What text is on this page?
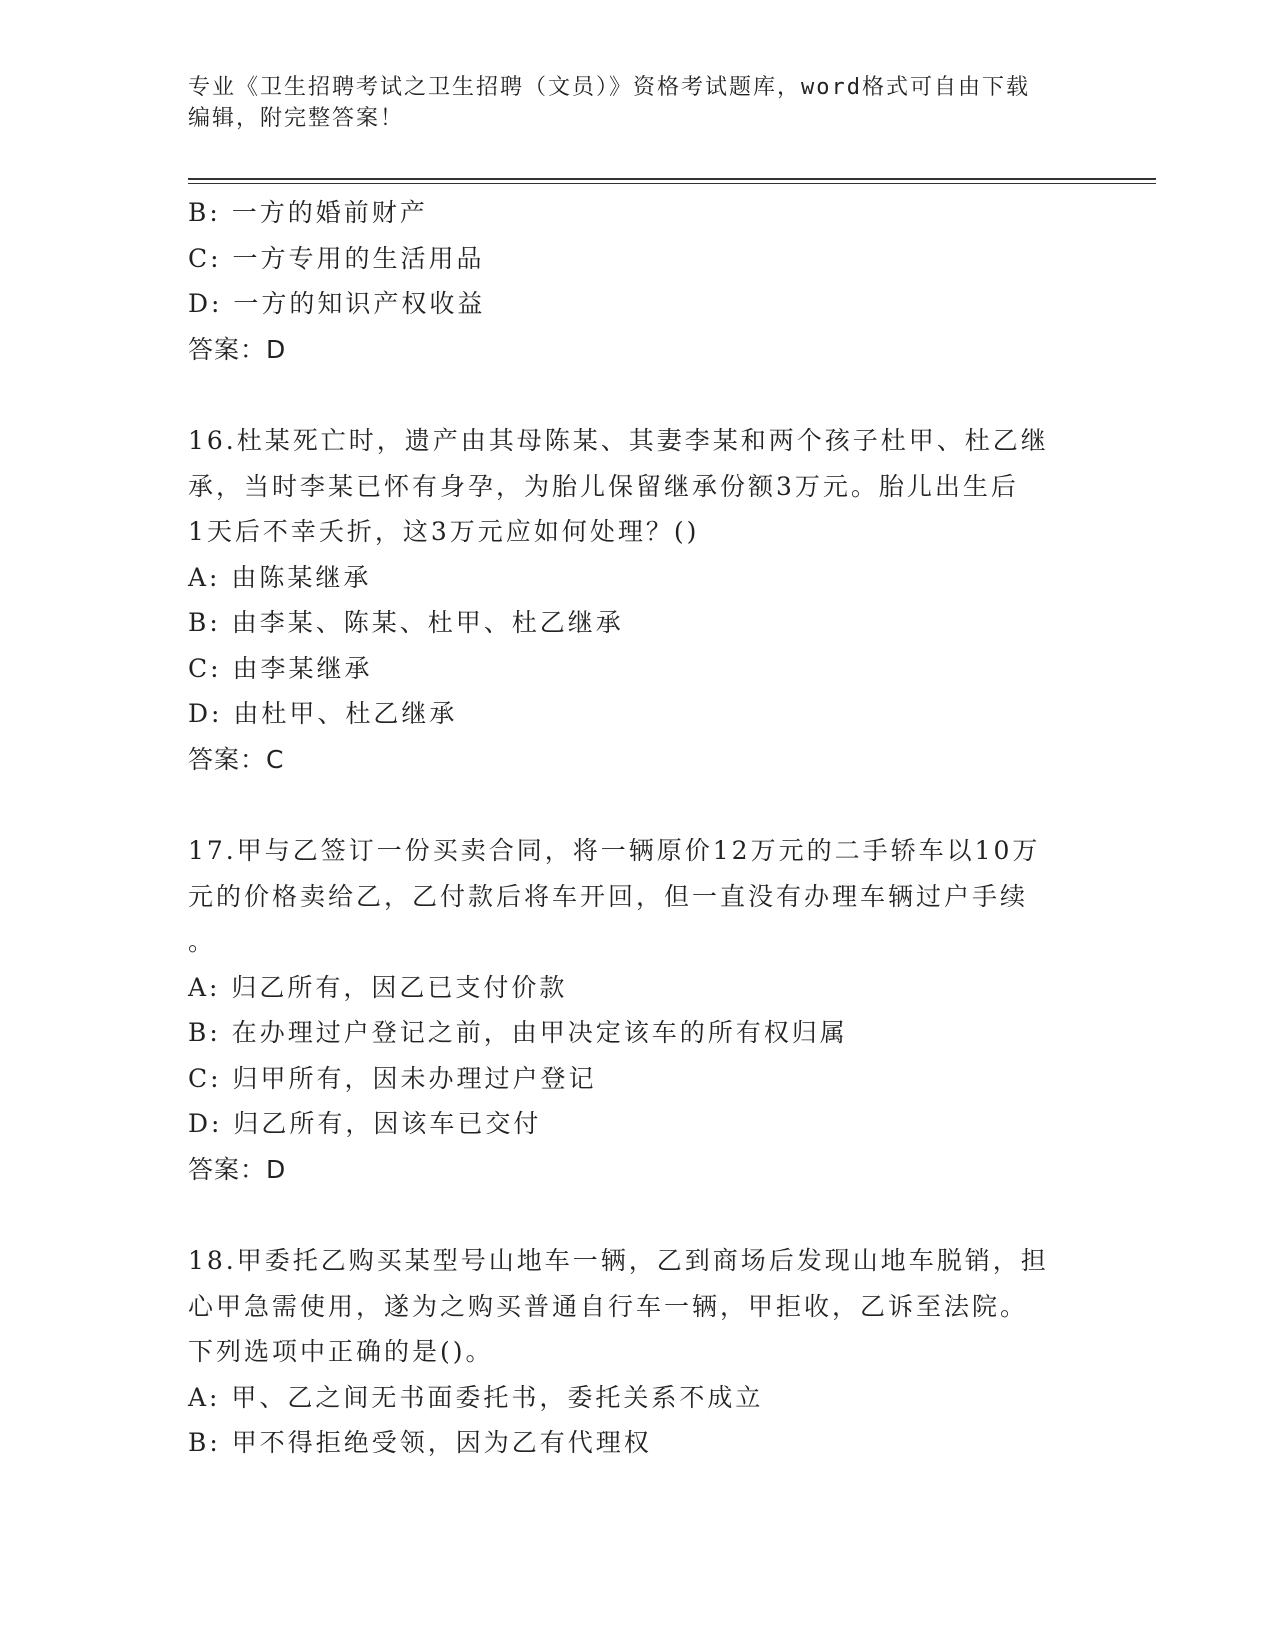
专业《卫生招聘考试之卫生招聘（文员）》资格考试题库，word格式可自由下载
编辑，附完整答案！
B: 一方的婚前财产
C: 一方专用的生活用品
D: 一方的知识产权收益
答案：D
16.杜某死亡时，遗产由其母陈某、其妻李某和两个孩子杜甲、杜乙继
承，当时李某已怀有身孕，为胎儿保留继承份额3万元。胎儿出生后
1天后不幸夭折，这3万元应如何处理？()
A: 由陈某继承
B: 由李某、陈某、杜甲、杜乙继承
C: 由李某继承
D: 由杜甲、杜乙继承
答案：C
17.甲与乙签订一份买卖合同，将一辆原价12万元的二手轿车以10万
元的价格卖给乙，乙付款后将车开回，但一直没有办理车辆过户手续
。
A: 归乙所有，因乙已支付价款
B: 在办理过户登记之前，由甲决定该车的所有权归属
C: 归甲所有，因未办理过户登记
D: 归乙所有，因该车已交付
答案：D
18.甲委托乙购买某型号山地车一辆，乙到商场后发现山地车脱销，担
心甲急需使用，遂为之购买普通自行车一辆，甲拒收，乙诉至法院。
下列选项中正确的是()。
A: 甲、乙之间无书面委托书，委托关系不成立
B: 甲不得拒绝受领，因为乙有代理权
